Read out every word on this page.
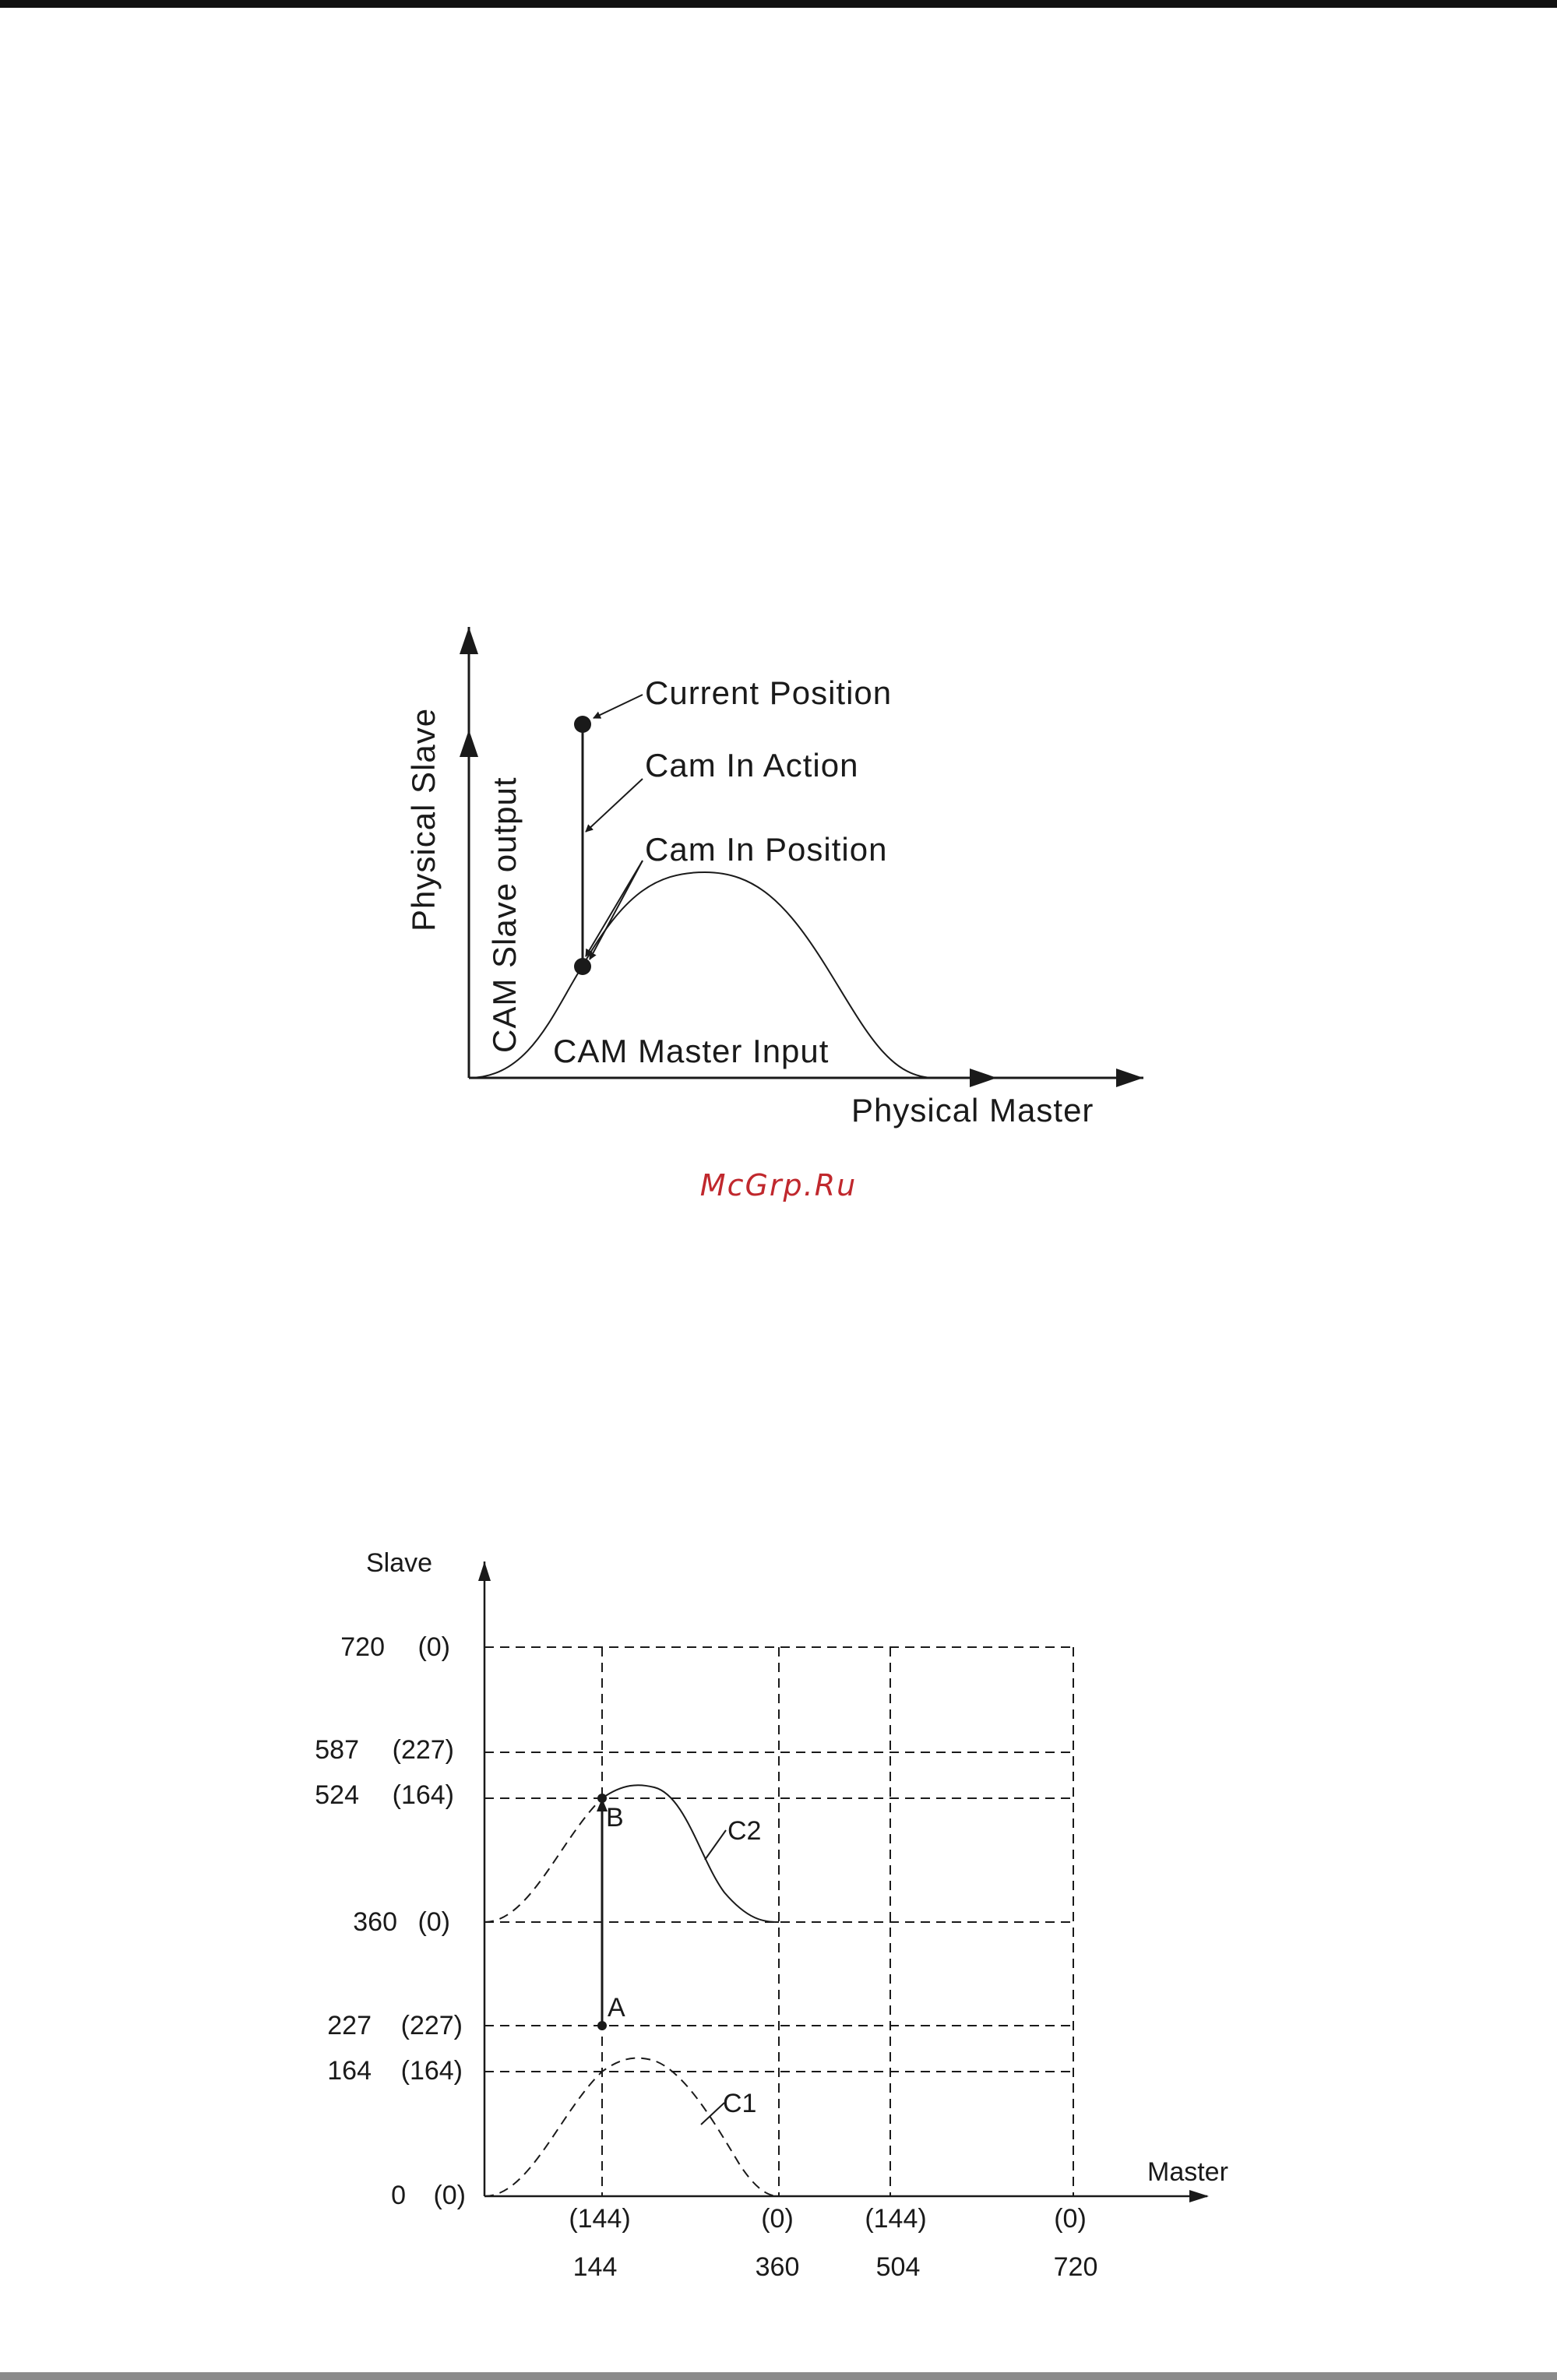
Physical Slave CAM Slave output CAM Master Input
Physical Master
Current Position
Cam In Action
Cam In Position
Slave
Master
720 (0)
587 (227)
524 (164)
360 (0)
227 (227)
164 (164)
0 (0)
(144)
144
(0)
360
(144)
504
(0)
720
A
B
C1
C2
McGrp.Ru
